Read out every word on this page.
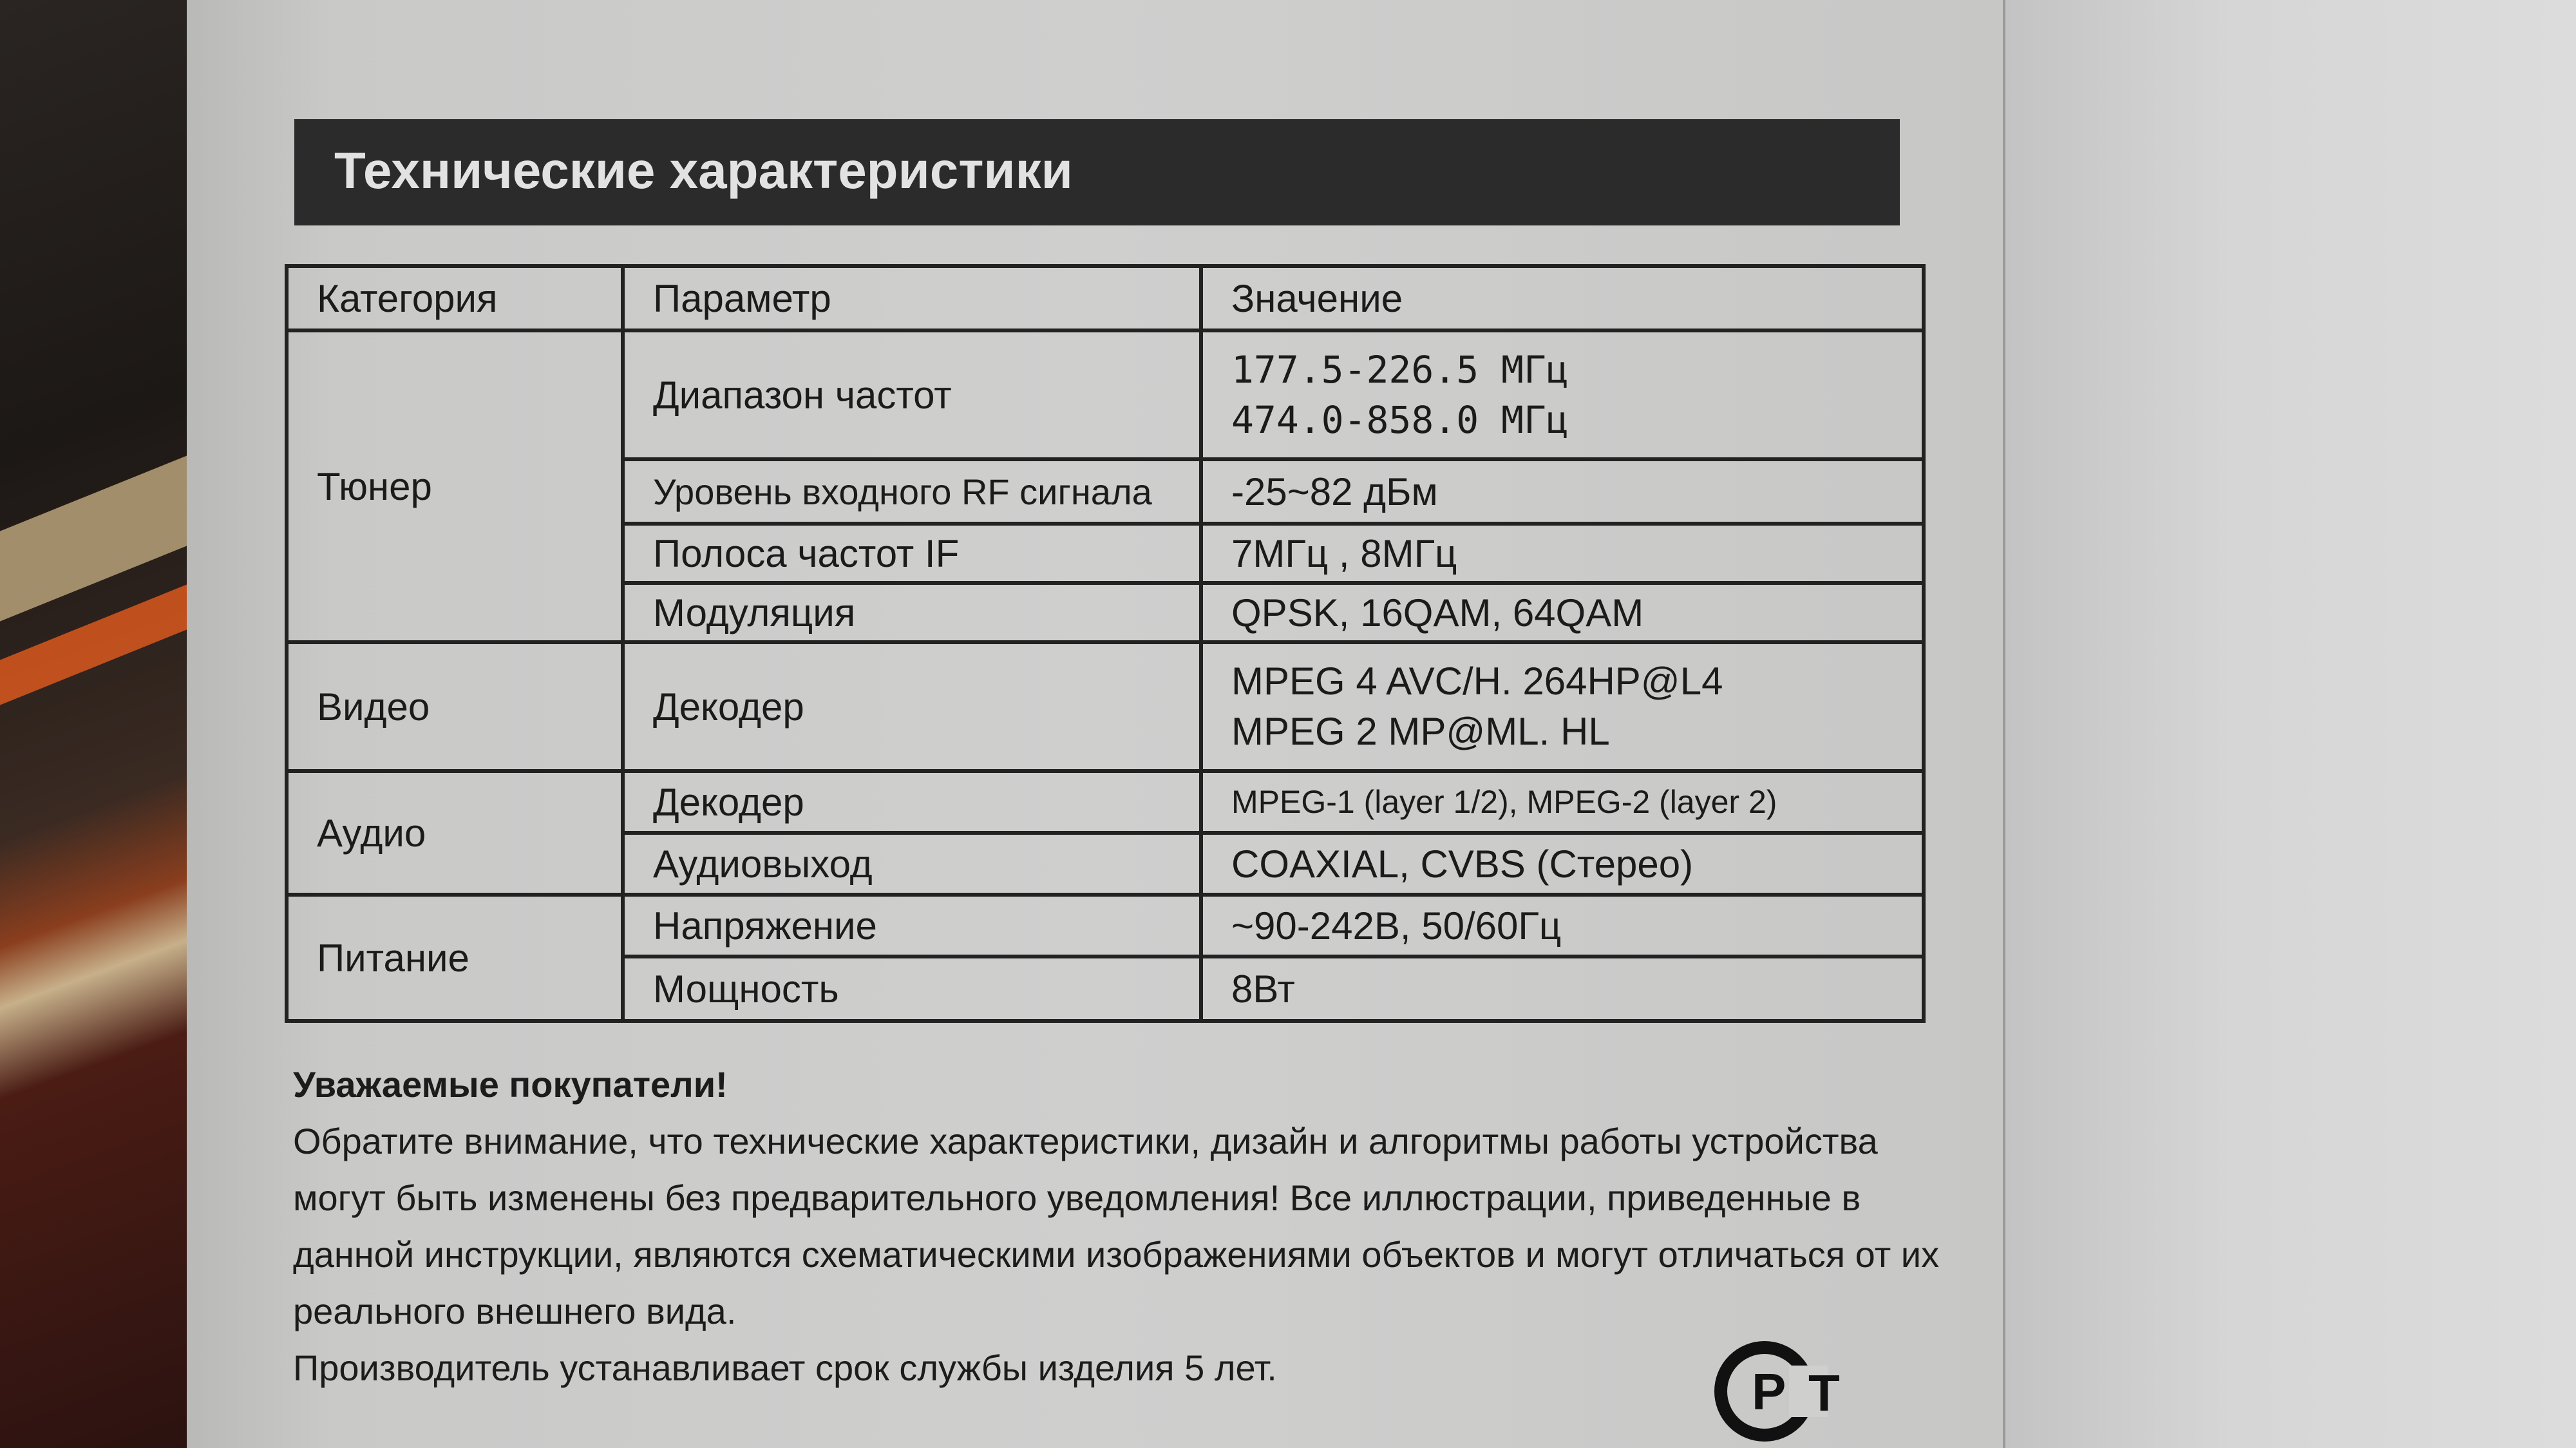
Технические характеристики
Категория	Параметр	Значение
Тюнер	Диапазон частот	177.5-226.5 МГц
474.0-858.0 МГц

	Уровень входного RF сигнала	-25~82 дБм
	Полоса частот IF	7МГц , 8МГц
	Модуляция	QPSK, 16QAM, 64QAM
Видео	Декодер	MPEG 4 AVC/H. 264HP@L4
MPEG 2 MP@ML. HL

Аудио	Декодер	MPEG-1 (layer 1/2), MPEG-2 (layer 2)
	Аудиовыход	COAXIAL, CVBS (Стерео)
Питание	Напряжение	~90-242В, 50/60Гц
	Мощность	8Вт

Уважаемые покупатели!

Обратите внимание, что технические характеристики, дизайн и алгоритмы работы устройства могут быть изменены без предварительного уведомления! Все иллюстрации, приведенные в данной инструкции, являются схематическими изображениями объектов и могут отличаться от их реального внешнего вида.

Производитель устанавливает срок службы изделия 5 лет.	P T
